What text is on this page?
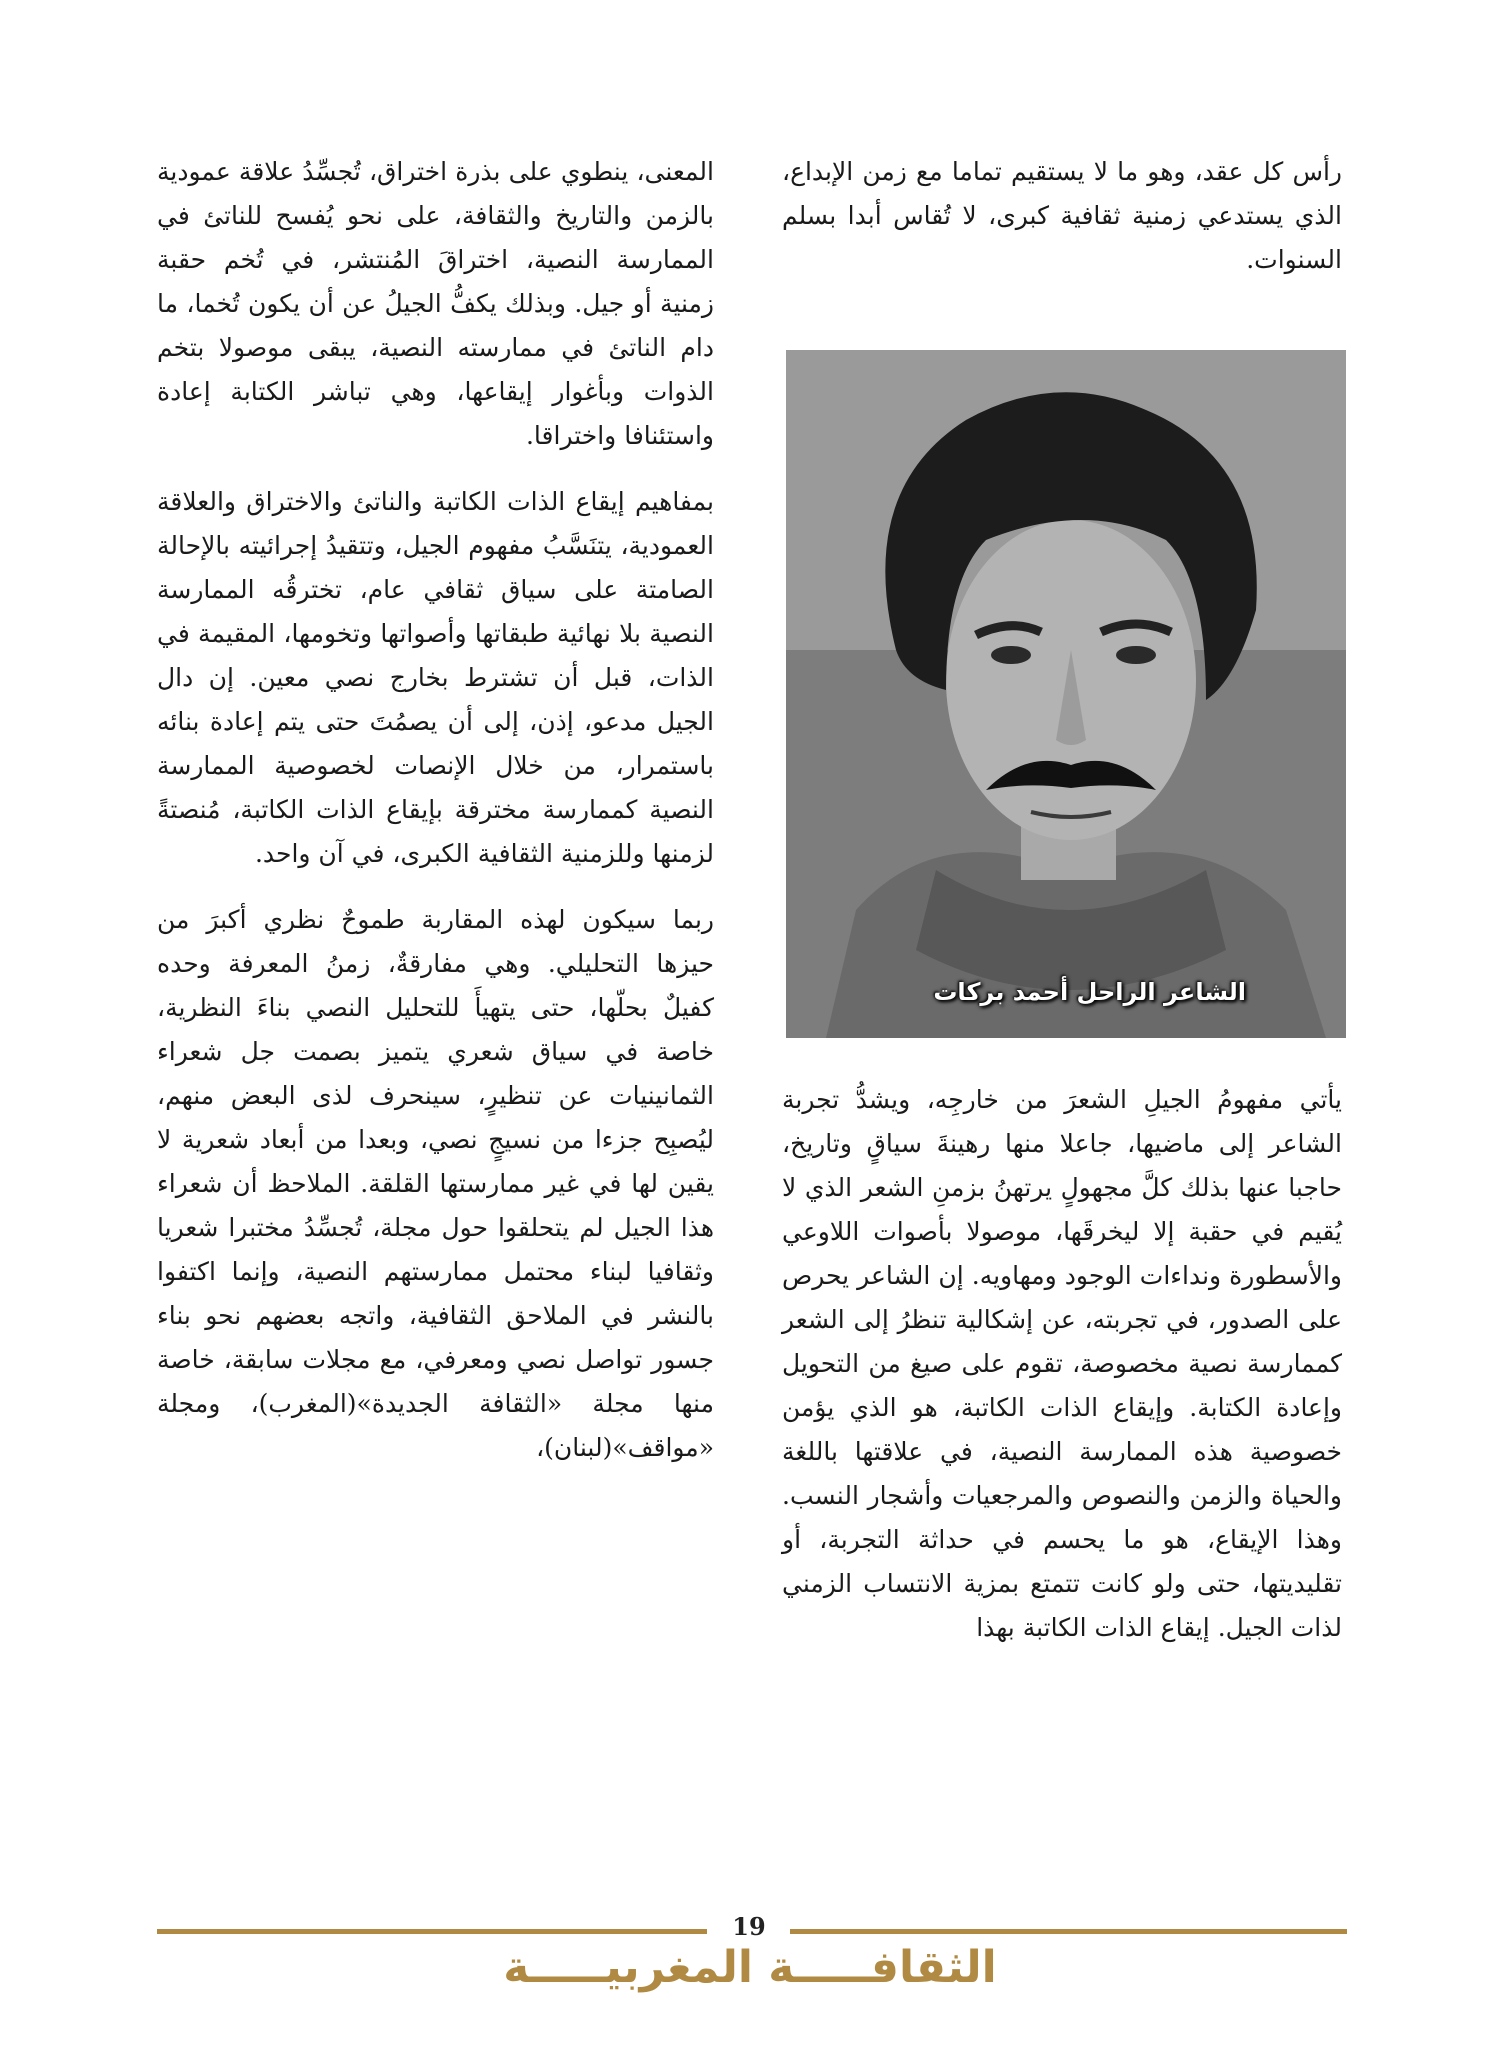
رأس كل عقد، وهو ما لا يستقيم تماما مع زمن الإبداع، الذي يستدعي زمنية ثقافية كبرى، لا تُقاس أبدا بسلم السنوات.

الشاعر الراحل أحمد بركات

يأتي مفهومُ الجيلِ الشعرَ من خارجِه، ويشدُّ تجربة الشاعر إلى ماضيها، جاعلا منها رهينةَ سياقٍ وتاريخ، حاجبا عنها بذلك كلَّ مجهولٍ يرتهنُ بزمنِ الشعر الذي لا يُقيم في حقبة إلا ليخرقَها، موصولا بأصوات اللاوعي والأسطورة ونداءات الوجود ومهاويه. إن الشاعر يحرص على الصدور، في تجربته، عن إشكالية تنظرُ إلى الشعر كممارسة نصية مخصوصة، تقوم على صيغ من التحويل وإعادة الكتابة. وإيقاع الذات الكاتبة، هو الذي يؤمن خصوصية هذه الممارسة النصية، في علاقتها باللغة والحياة والزمن والنصوص والمرجعيات وأشجار النسب. وهذا الإيقاع، هو ما يحسم في حداثة التجربة، أو تقليديتها، حتى ولو كانت تتمتع بمزية الانتساب الزمني لذات الجيل. إيقاع الذات الكاتبة بهذا

المعنى، ينطوي على بذرة اختراق، تُجسِّدُ علاقة عمودية بالزمن والتاريخ والثقافة، على نحو يُفسح للناتئ في الممارسة النصية، اختراقَ المُنتشر، في تُخم حقبة زمنية أو جيل. وبذلك يكفُّ الجيلُ عن أن يكون تُخما، ما دام الناتئ في ممارسته النصية، يبقى موصولا بتخم الذوات وبأغوار إيقاعها، وهي تباشر الكتابة إعادة واستئنافا واختراقا.

بمفاهيم إيقاع الذات الكاتبة والناتئ والاختراق والعلاقة العمودية، يتنَسَّبُ مفهوم الجيل، وتتقيدُ إجرائيته بالإحالة الصامتة على سياق ثقافي عام، تخترقُه الممارسة النصية بلا نهائية طبقاتها وأصواتها وتخومها، المقيمة في الذات، قبل أن تشترط بخارج نصي معين. إن دال الجيل مدعو، إذن، إلى أن يصمُتَ حتى يتم إعادة بنائه باستمرار، من خلال الإنصات لخصوصية الممارسة النصية كممارسة مخترقة بإيقاع الذات الكاتبة، مُنصتةً لزمنها وللزمنية الثقافية الكبرى، في آن واحد.

ربما سيكون لهذه المقاربة طموحٌ نظري أكبرَ من حيزها التحليلي. وهي مفارقةٌ، زمنُ المعرفة وحده كفيلٌ بحلّها، حتى يتهيأَ للتحليل النصي بناءَ النظرية، خاصة في سياق شعري يتميز بصمت جل شعراء الثمانينيات عن تنظيرٍ، سينحرف لذى البعض منهم، ليُصبِح جزءا من نسيجٍ نصي، وبعدا من أبعاد شعرية لا يقين لها في غير ممارستها القلقة. الملاحظ أن شعراء هذا الجيل لم يتحلقوا حول مجلة، تُجسِّدُ مختبرا شعريا وثقافيا لبناء محتمل ممارستهم النصية، وإنما اكتفوا بالنشر في الملاحق الثقافية، واتجه بعضهم نحو بناء جسور تواصل نصي ومعرفي، مع مجلات سابقة، خاصة منها مجلة «الثقافة الجديدة»(المغرب)، ومجلة «مواقف»(لبنان)،

19
الثقافـــــة المغربيـــــة
